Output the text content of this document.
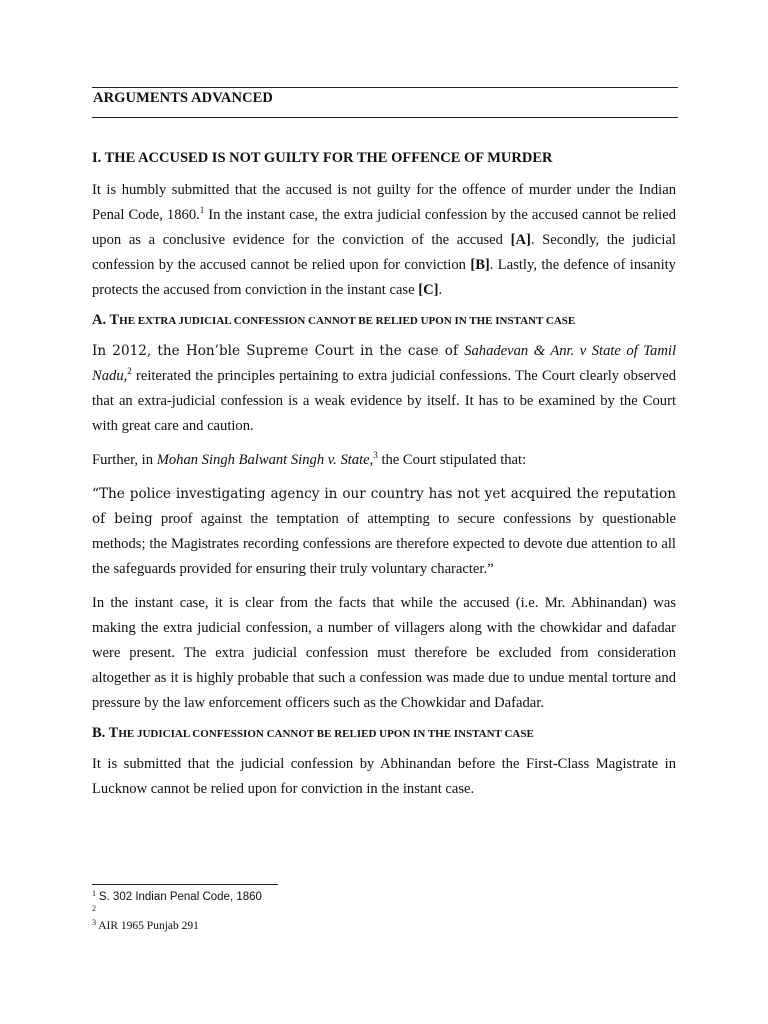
ARGUMENTS ADVANCED
I. THE ACCUSED IS NOT GUILTY FOR THE OFFENCE OF MURDER

It is humbly submitted that the accused is not guilty for the offence of murder under the Indian Penal Code, 1860.$^1$ In the instant case, the extra judicial confession by the accused cannot be relied upon as a conclusive evidence for the conviction of the accused [A]. Secondly, the judicial confession by the accused cannot be relied upon for conviction [B]. Lastly, the defence of insanity protects the accused from conviction in the instant case [C].

A. THE EXTRA JUDICIAL CONFESSION CANNOT BE RELIED UPON IN THE INSTANT CASE

In 2012, the Hon’ble Supreme Court in the case of Sahadevan & Anr. v State of Tamil Nadu,$^2$ reiterated the principles pertaining to extra judicial confessions. The Court clearly observed that an extra-judicial confession is a weak evidence by itself. It has to be examined by the Court with great care and caution.

Further, in Mohan Singh Balwant Singh v. State,$^3$ the Court stipulated that:

“The police investigating agency in our country has not yet acquired the reputation of being proof against the temptation of attempting to secure confessions by questionable methods; the Magistrates recording confessions are therefore expected to devote due attention to all the safeguards provided for ensuring their truly voluntary character.”

In the instant case, it is clear from the facts that while the accused (i.e. Mr. Abhinandan) was making the extra judicial confession, a number of villagers along with the chowkidar and dafadar were present. The extra judicial confession must therefore be excluded from consideration altogether as it is highly probable that such a confession was made due to undue mental torture and pressure by the law enforcement officers such as the Chowkidar and Dafadar.

B. THE JUDICIAL CONFESSION CANNOT BE RELIED UPON IN THE INSTANT CASE

It is submitted that the judicial confession by Abhinandan before the First-Class Magistrate in Lucknow cannot be relied upon for conviction in the instant case.

$^1$ S. 302 Indian Penal Code, 1860
$^2$
$^3$ AIR 1965 Punjab 291
